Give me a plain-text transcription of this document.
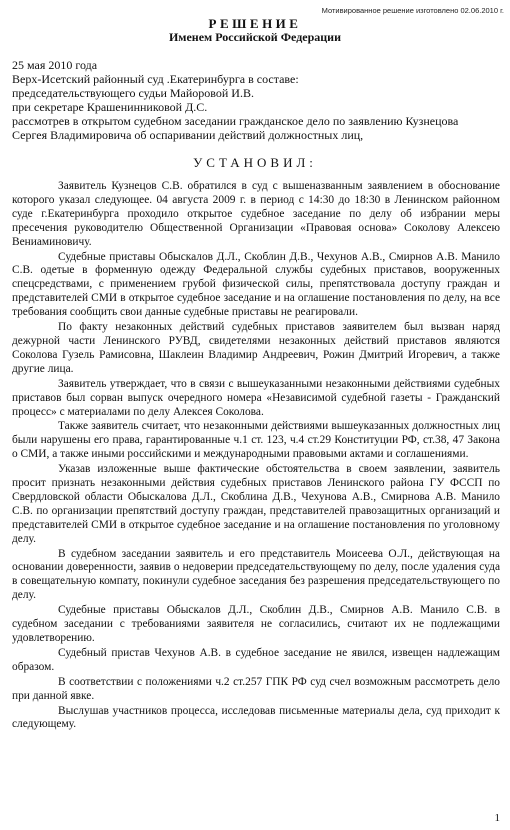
Мотивированное решение изготовлено 02.06.2010 г.
РЕШЕНИЕ
Именем Российской Федерации
25 мая 2010 года
Верх-Исетский районный суд .Екатеринбурга в составе:
председательствующего судьи Майоровой И.В.
при секретаре Крашенинниковой Д.С.
рассмотрев в открытом судебном заседании гражданское дело по заявлению Кузнецова
Сергея Владимировича об оспаривании действий должностных лиц,
УСТАНОВИЛ:

Заявитель Кузнецов С.В. обратился в суд с вышеназванным заявлением в обоснование которого указал следующее. 04 августа 2009 г. в период с 14:30 до 18:30 в Ленинском районном суде г.Екатеринбурга проходило открытое судебное заседание по делу об избрании меры пресечения руководителю Общественной Организации «Правовая основа» Соколову Алексею Вениаминовичу.

Судебные приставы Обыскалов Д.Л., Скоблин Д.В., Чехунов А.В., Смирнов А.В. Манило С.В. одетые в форменную одежду Федеральной службы судебных приставов, вооруженных спецсредствами, с применением грубой физической силы, препятствовала доступу граждан и представителей СМИ в открытое судебное заседание и на оглашение постановления по делу, на все требования сообщить свои данные судебные приставы не реагировали.

По факту незаконных действий судебных приставов заявителем был вызван наряд дежурной части Ленинского РУВД, свидетелями незаконных действий приставов являются Соколова Гузель Рамисовна, Шаклеин Владимир Андреевич, Рожин Дмитрий Игоревич, а также другие лица.

Заявитель утверждает, что в связи с вышеуказанными незаконными действиями судебных приставов был сорван выпуск очередного номера «Независимой судебной газеты - Гражданский процесс» с материалами по делу Алексея Соколова.

Также заявитель считает, что незаконными действиями вышеуказанных должностных лиц были нарушены его права, гарантированные ч.1 ст. 123, ч.4 ст.29 Конституции РФ, ст.38, 47 Закона о СМИ, а также иными российскими и международными правовыми актами и соглашениями.

Указав изложенные выше фактические обстоятельства в своем заявлении, заявитель просит признать незаконными действия судебных приставов Ленинского района ГУ ФССП по Свердловской области Обыскалова Д.Л., Скоблина Д.В., Чехунова А.В., Смирнова А.В. Манило С.В. по организации препятствий доступу граждан, представителей правозащитных организаций и представителей СМИ в открытое судебное заседание и на оглашение постановления по уголовному делу.

В судебном заседании заявитель и его представитель Моисеева О.Л., действующая на основании доверенности, заявив о недоверии председательствующему по делу, после удаления суда в совещательную компату, покинули судебное заседания без разрешения председательствующего по делу.

Судебные приставы Обыскалов Д.Л., Скоблин Д.В., Смирнов А.В. Манило С.В. в судебном заседании с требованиями заявителя не согласились, считают их не подлежащими удовлетворению.

Судебный пристав Чехунов А.В. в судебное заседание не явился, извещен надлежащим образом.

В соответствии с положениями ч.2 ст.257 ГПК РФ суд счел возможным рассмотреть дело при данной явке.

Выслушав участников процесса, исследовав письменные материалы дела, суд приходит к следующему.

1
